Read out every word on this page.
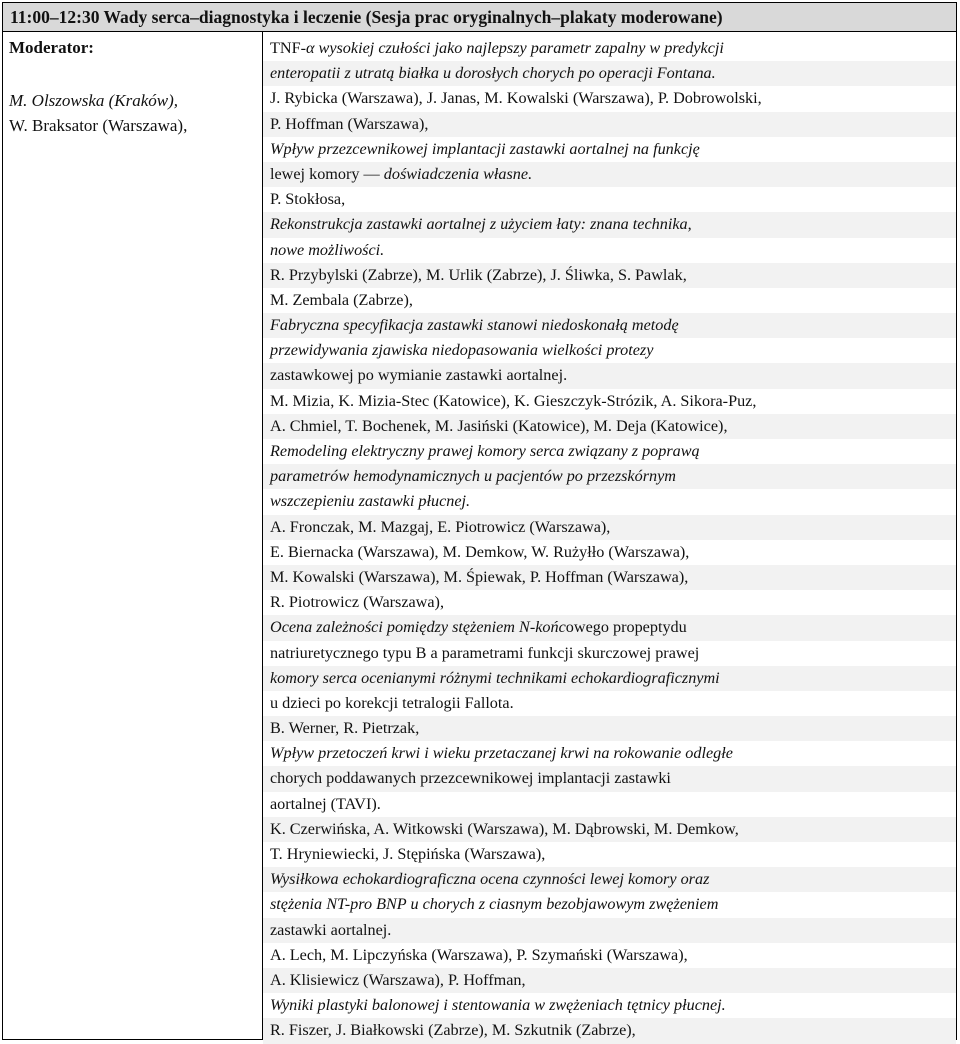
11:00–12:30 Wady serca–diagnostyka i leczenie (Sesja prac oryginalnych–plakaty moderowane)
Moderator:
M. Olszowska (Kraków),
W. Braksator (Warszawa),
TNF-α wysokiej czułości jako najlepszy parametr zapalny w predykcji
enteropatii z utratą białka u dorosłych chorych po operacji Fontana.
J. Rybicka (Warszawa), J. Janas, M. Kowalski (Warszawa), P. Dobrowolski,
P. Hoffman (Warszawa),
Wpływ przezcewnikowej implantacji zastawki aortalnej na funkcję
lewej komory — doświadczenia własne.
P. Stokłosa,
Rekonstrukcja zastawki aortalnej z użyciem łaty: znana technika,
nowe możliwości.
R. Przybylski (Zabrze), M. Urlik (Zabrze), J. Śliwka, S. Pawlak,
M. Zembala (Zabrze),
Fabryczna specyfikacja zastawki stanowi niedoskonałą metodę
przewidywania zjawiska niedopasowania wielkości protezy
zastawkowej po wymianie zastawki aortalnej.
M. Mizia, K. Mizia-Stec (Katowice), K. Gieszczyk-Strózik, A. Sikora-Puz,
A. Chmiel, T. Bochenek, M. Jasiński (Katowice), M. Deja (Katowice),
Remodeling elektryczny prawej komory serca związany z poprawą
parametrów hemodynamicznych u pacjentów po przezskórnym
wszczepieniu zastawki płucnej.
A. Fronczak, M. Mazgaj, E. Piotrowicz (Warszawa),
E. Biernacka (Warszawa), M. Demkow, W. Rużyłło (Warszawa),
M. Kowalski (Warszawa), M. Śpiewak, P. Hoffman (Warszawa),
R. Piotrowicz (Warszawa),
Ocena zależności pomiędzy stężeniem N-końcowego propeptydu
natriuretycznego typu B a parametrami funkcji skurczowej prawej
komory serca ocenianymi różnymi technikami echokardiograficznymi
u dzieci po korekcji tetralogii Fallota.
B. Werner, R. Pietrzak,
Wpływ przetoczeń krwi i wieku przetaczanej krwi na rokowanie odległe
chorych poddawanych przezcewnikowej implantacji zastawki
aortalnej (TAVI).
K. Czerwińska, A. Witkowski (Warszawa), M. Dąbrowski, M. Demkow,
T. Hryniewiecki, J. Stępińska (Warszawa),
Wysiłkowa echokardiograficzna ocena czynności lewej komory oraz
stężenia NT-pro BNP u chorych z ciasnym bezobjawowym zwężeniem
zastawki aortalnej.
A. Lech, M. Lipczyńska (Warszawa), P. Szymański (Warszawa),
A. Klisiewicz (Warszawa), P. Hoffman,
Wyniki plastyki balonowej i stentowania w zwężeniach tętnicy płucnej.
R. Fiszer, J. Białkowski (Zabrze), M. Szkutnik (Zabrze),
